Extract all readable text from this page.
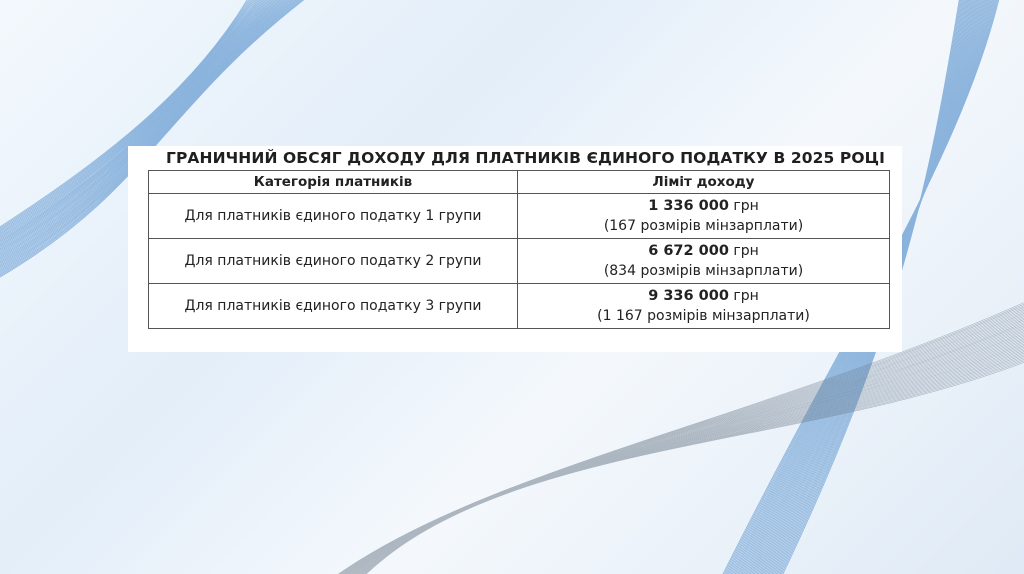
ГРАНИЧНИЙ ОБСЯГ ДОХОДУ ДЛЯ ПЛАТНИКІВ ЄДИНОГО ПОДАТКУ В 2025 РОЦІ
Категорія платників	Ліміт доходу
Для платників єдиного податку 1 групи	1 336 000 грн
(167 розмірів мінзарплати)
Для платників єдиного податку 2 групи	6 672 000 грн
(834 розмірів мінзарплати)
Для платників єдиного податку 3 групи	9 336 000 грн
(1 167 розмірів мінзарплати)
